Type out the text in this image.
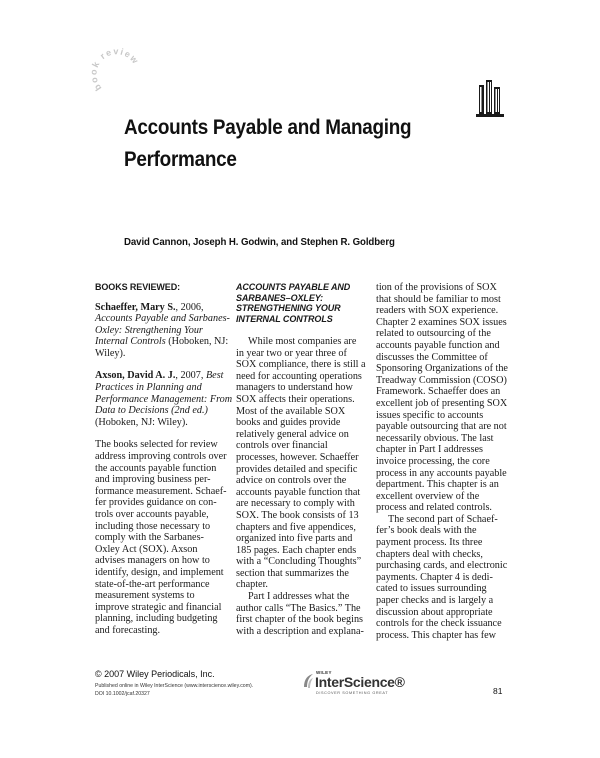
book review
Accounts Payable and Managing
Performance
David Cannon, Joseph H. Godwin, and Stephen R. Goldberg
BOOKS REVIEWED:
Schaeffer, Mary S., 2006,
Accounts Payable and Sarbanes-
Oxley: Strengthening Your
Internal Controls (Hoboken, NJ:
Wiley).
Axson, David A. J., 2007, Best
Practices in Planning and
Performance Management: From
Data to Decisions (2nd ed.)
(Hoboken, NJ: Wiley).
The books selected for review
address improving controls over
the accounts payable function
and improving business per-
formance measurement. Schaef-
fer provides guidance on con-
trols over accounts payable,
including those necessary to
comply with the Sarbanes-
Oxley Act (SOX). Axson
advises managers on how to
identify, design, and implement
state-of-the-art performance
measurement systems to
improve strategic and financial
planning, including budgeting
and forecasting.
ACCOUNTS PAYABLE AND
SARBANES–OXLEY:
STRENGTHENING YOUR
INTERNAL CONTROLS
While most companies are
in year two or year three of
SOX compliance, there is still a
need for accounting operations
managers to understand how
SOX affects their operations.
Most of the available SOX
books and guides provide
relatively general advice on
controls over financial
processes, however. Schaeffer
provides detailed and specific
advice on controls over the
accounts payable function that
are necessary to comply with
SOX. The book consists of 13
chapters and five appendices,
organized into five parts and
185 pages. Each chapter ends
with a “Concluding Thoughts”
section that summarizes the
chapter.
Part I addresses what the
author calls “The Basics.” The
first chapter of the book begins
with a description and explana-
tion of the provisions of SOX
that should be familiar to most
readers with SOX experience.
Chapter 2 examines SOX issues
related to outsourcing of the
accounts payable function and
discusses the Committee of
Sponsoring Organizations of the
Treadway Commission (COSO)
Framework. Schaeffer does an
excellent job of presenting SOX
issues specific to accounts
payable outsourcing that are not
necessarily obvious. The last
chapter in Part I addresses
invoice processing, the core
process in any accounts payable
department. This chapter is an
excellent overview of the
process and related controls.
The second part of Schaef-
fer’s book deals with the
payment process. Its three
chapters deal with checks,
purchasing cards, and electronic
payments. Chapter 4 is dedi-
cated to issues surrounding
paper checks and is largely a
discussion about appropriate
controls for the check issuance
process. This chapter has few
© 2007 Wiley Periodicals, Inc.
Published online in Wiley InterScience (www.interscience.wiley.com).
DOI 10.1002/jcaf.20327
WILEY
InterScience®
DISCOVER SOMETHING GREAT	81
